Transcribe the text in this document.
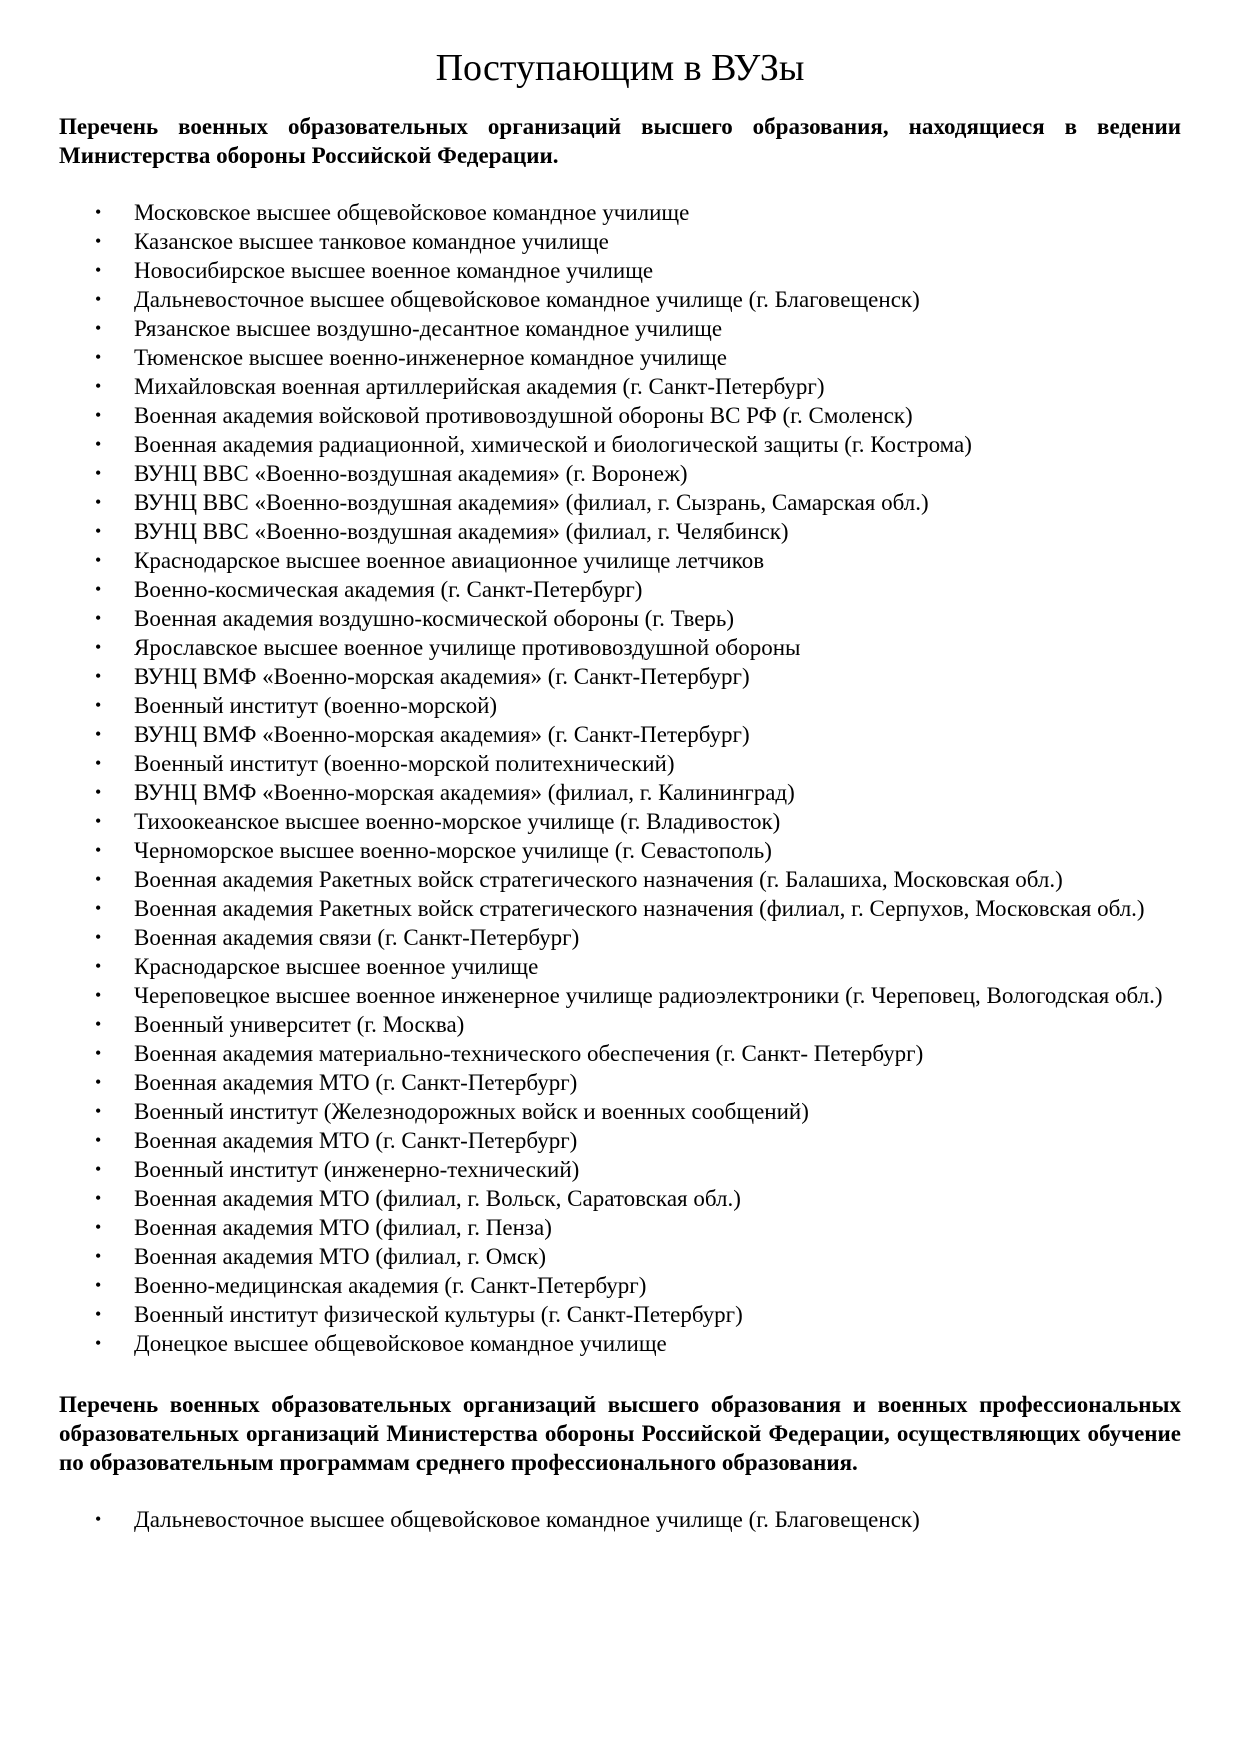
Поступающим в ВУЗы

Перечень военных образовательных организаций высшего образования, находящиеся в ведении Министерства обороны Российской Федерации.

• Московское высшее общевойсковое командное училище
• Казанское высшее танковое командное училище
• Новосибирское высшее военное командное училище
• Дальневосточное высшее общевойсковое командное училище (г. Благовещенск)
• Рязанское высшее воздушно-десантное командное училище
• Тюменское высшее военно-инженерное командное училище
• Михайловская военная артиллерийская академия (г. Санкт-Петербург)
• Военная академия войсковой противовоздушной обороны ВС РФ (г. Смоленск)
• Военная академия радиационной, химической и биологической защиты (г. Кострома)
• ВУНЦ ВВС «Военно-воздушная академия» (г. Воронеж)
• ВУНЦ ВВС «Военно-воздушная академия» (филиал, г. Сызрань, Самарская обл.)
• ВУНЦ ВВС «Военно-воздушная академия» (филиал, г. Челябинск)
• Краснодарское высшее военное авиационное училище летчиков
• Военно-космическая академия (г. Санкт-Петербург)
• Военная академия воздушно-космической обороны (г. Тверь)
• Ярославское высшее военное училище противовоздушной обороны
• ВУНЦ ВМФ «Военно-морская академия» (г. Санкт-Петербург)
• Военный институт (военно-морской)
• ВУНЦ ВМФ «Военно-морская академия» (г. Санкт-Петербург)
• Военный институт (военно-морской политехнический)
• ВУНЦ ВМФ «Военно-морская академия» (филиал, г. Калининград)
• Тихоокеанское высшее военно-морское училище (г. Владивосток)
• Черноморское высшее военно-морское училище (г. Севастополь)
• Военная академия Ракетных войск стратегического назначения (г. Балашиха, Московская обл.)
• Военная академия Ракетных войск стратегического назначения (филиал, г. Серпухов, Московская обл.)
• Военная академия связи (г. Санкт-Петербург)
• Краснодарское высшее военное училище
• Череповецкое высшее военное инженерное училище радиоэлектроники (г. Череповец, Вологодская обл.)
• Военный университет (г. Москва)
• Военная академия материально-технического обеспечения (г. Санкт- Петербург)
• Военная академия МТО (г. Санкт-Петербург)
• Военный институт (Железнодорожных войск и военных сообщений)
• Военная академия МТО (г. Санкт-Петербург)
• Военный институт (инженерно-технический)
• Военная академия МТО (филиал, г. Вольск, Саратовская обл.)
• Военная академия МТО (филиал, г. Пенза)
• Военная академия МТО (филиал, г. Омск)
• Военно-медицинская академия (г. Санкт-Петербург)
• Военный институт физической культуры (г. Санкт-Петербург)
• Донецкое высшее общевойсковое командное училище

Перечень военных образовательных организаций высшего образования и военных профессиональных образовательных организаций Министерства обороны Российской Федерации, осуществляющих обучение по образовательным программам среднего профессионального образования.

• Дальневосточное высшее общевойсковое командное училище (г. Благовещенск)
